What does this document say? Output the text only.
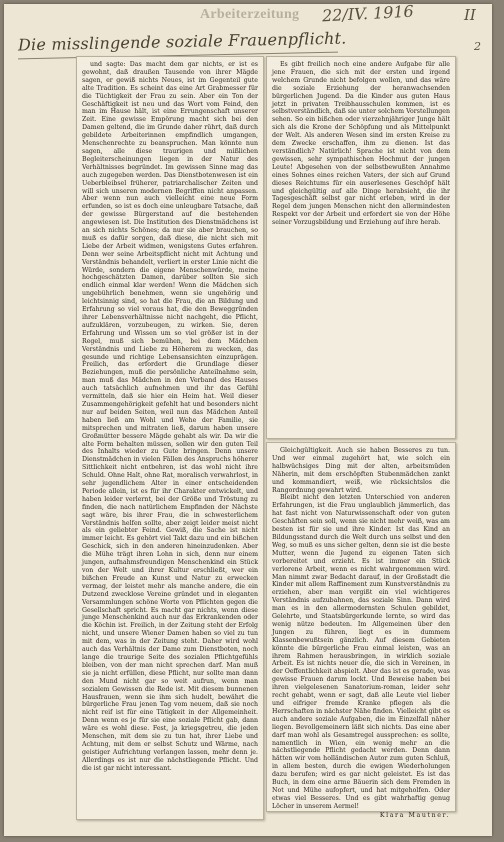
Arbeiterzeitung 22/IV. 1916	II
Die misslingende soziale Frauenpflicht.	2

und sagte: Das macht dem gar nichts, er ist es gewohnt, daß draußen Tausende von ihrer Mägde sagen, er gewiß nichts Neues, ist im Gegenteil gute alte Tradition. Es scheint das eine Art Grabmesser für die Tüchtigkeit der Frau zu sein. Aber ein Ton der Geschäftigkeit ist neu und das Wort vom Feind, den man im Hause hält, ist eine Errungenschaft unserer Zeit. Eine gewisse Empörung macht sich bei den Damen geltend, die im Grunde daher rührt, daß durch gebildete Arbeiterinnen empfindlich umgangen, Menschenrechte zu beanspruchen. Man könnte nun sagen, alle diese traurigen und mißlichen Begleiterscheinungen liegen in der Natur des Verhältnisses begründet. Im gewissen Sinne mag das auch zugegeben werden. Das Dienstbotenwesen ist ein Ueberbleibsel früherer, patriarchalischer Zeiten und will sich unseren modernen Begriffen nicht anpassen. Aber wenn nun auch vielleicht eine neue Form erfunden, so ist es doch eine unleugbare Tatsache, daß der gewisse Bürgerstand auf die bestehenden angewiesen ist. Die Institution des Dienstmädchens ist an sich nichts Schönes; da nur sie aber brauchen, so muß es dafür sorgen, daß diese, die nicht sich mit Liebe der Arbeit widmen, wenigstens Gutes erfahren. Denn wer seine Arbeitspflicht nicht mit Achtung und Verständnis behandelt, verliert in erster Linie nicht die Würde, sondern die eigene Menschenwürde, meine hochgeschätzten Damen, darüber sollten Sie sich endlich einmal klar werden! Wenn die Mädchen sich ungebührlich benehmen, wenn sie ungehörig und leichtsinnig sind, so hat die Frau, die an Bildung und Erfahrung so viel voraus hat, die den Beweggründen ihrer Lebensverhältnisse nicht nachgeht, die Pflicht, aufzuklären, vorzubeugen, zu wirken. Sie, deren Erfahrung und Wissen um so viel größer ist in der Regel, muß sich bemühen, bei dem Mädchen Verständnis und Liebe zu Höherem zu wecken, das gesunde und richtige Lebensansichten einzuprägen. Freilich, das erfordert die Grundlage dieser Beziehungen, muß die persönliche Anteilnahme sein, man muß das Mädchen in den Verband des Hauses auch tatsächlich aufnehmen und ihr das Gefühl vermitteln, daß sie hier ein Heim hat. Weil dieser Zusammengehörigkeit gefehlt hat und besonders nicht nur auf beiden Seiten, weil nun das Mädchen Anteil haben ließ am Wohl und Wehe der Familie, sie mitsprechen und mitraten ließ, darum haben unsere Großmütter bessere Mägde gehabt als wir. Da wir die alte Form behalten müssen, sollen wir den guten Teil des Inhalts wieder zu Gute bringen. Denn unsere Dienstmädchen in vielen Fällen des Anspruchs höherer Sittlichkeit nicht entbehren, ist das wohl nicht ihre Schuld. Ohne Halt, ohne Rat, moralisch verwahrlost, in sehr jugendlichem Alter in einer entscheidenden Periode allein, ist es für ihr Charakter entwickelt, und haben leider verlernt, bei der Größe und Tröstung zu finden, die nach natürlichem Empfinden der Nächste sagt wäre, bis ihrer Frau, die in schwesterlichem Verständnis helfen sollte, aber zeigt leider meist nicht als ein geliebter Feind. Gewiß, die Sache ist nicht immer leicht. Es gehört viel Takt dazu und ein bißchen Geschick, sich in den anderen hineinzudenken. Aber die Mühe trägt ihren Lohn in sich, denn nur einem jungen, aufnahmsfreundigen Menschenkind ein Stück von der Welt und ihrer Kultur erschließt, wer ein bißchen Freude an Kunst und Natur zu erwecken vermag, der leistet mehr als manche andere, die ein Dutzend zwecklose Vereine gründet und in eleganten Versammlungen schöne Worte von Pflichten gegen die Gesellschaft spricht. Es macht gar nichts, wenn diese junge Menschenkind auch nur das Erkrankenden oder die Köchin ist. Freilich, in der Zeitung steht der Erfolg nicht, und unsere Wiener Damen haben so viel zu tun mit dem, was in der Zeitung steht. Daher wird wohl auch das Verhältnis der Dame zum Dienstboten, noch lange die traurige Seite des sozialen Pflichtgefühls bleiben, von der man nicht sprechen darf. Man muß sie ja nicht erfüllen, diese Pflicht, nur sollte man dann den Mund nicht gar so weit aufrun, wenn man sozialem Gewissen die Rede ist. Mit diesem bunnenen Hausfrauen, wenn sie ihm sich hudelt, bewährt die bürgerliche Frau jenen Tag vom neuem, daß sie noch nicht reif ist für eine Tätigkeit in der Allgemeinheit. Denn wenn es je für sie eine soziale Pflicht gab, dann wäre es wohl diese. Fest, ja kriegsgetreu, die jeden Menschen, mit dem sie zu tun hat, ihrer Liebe und Achtung, mit dem er selbst Schutz und Wärme, nach geistiger Aufrichtung verlangen lassen, mehr denn je. Allerdings es ist nur die nächstliegende Pflicht. Und die ist gar nicht interessant.

Es gibt freilich noch eine andere Aufgabe für alle jene Frauen, die sich mit der ersten und irgend welchem Grunde nicht befolgen wollen, und das wäre die soziale Erziehung der heranwachsenden bürgerlichen Jugend. Da die Kinder aus guten Haus jetzt in privaten Treibhausschulen kommen, ist es selbstverständlich, daß sie unter solchem Vorstellungen sehen. So ein bißchen oder vierzehnjähriger Junge hält sich als die Krone der Schöpfung und als Mittelpunkt der Welt. Als anderen Wesen sind im ersten Kreise zu dem Zwecke erschaffen, ihm zu dienen. Ist das verständlich? Natürlich! Sprache ist nicht von dem gewissen, sehr sympathischen Hochmut der jungen Leute! Abgesehen von der selbstbewußten Annahme eines Sohnes eines reichen Vaters, der sich auf Grund dieses Reichtums für ein auserlesenes Geschöpf hält und gleichgültig auf alle Dinge herabsieht, die ihr Tagesgeschäft selbst gar nicht erleben, wird in der Regel dem jungen Menschen nicht den allermindesten Respekt vor der Arbeit und erfordert sie von der Höhe seiner Vorzugsbildung und Erziehung auf ihre herab.

Gleichgültigkeit. Auch sie haben Besseres zu tun. Und wer einmal zugehört hat, wie solch ein halbwüchsiges Ding mit der alten, arbeitsmüden Näherin, mit dem erschöpften Stubenmädchen zankt und kommandiert, weiß, wie rücksichtslos die Rangordnung gewahrt wird.

Bleibt nicht den letzten Unterschied von anderen Erfahrungen, ist die Frau unglaublich jämmerlich, das hat fast nicht von Naturwissenschaft oder von guten Geschäften sein soll, wenn sie nicht mehr weiß, was am besten ist für sie und ihre Kinder. Ist das Kind an Bildungsstand durch die Welt durch uns selbst und den Weg, so muß es uns sicher gelten, denn sie ist die beste Mutter, wenn die Jugend zu eigenen Taten sich vorbereitet und erzieht. Es ist immer ein Stück verlorene Arbeit, wenn es nicht wahrgenommen wird. Man nimmt zwar Bedacht darauf, in der Großstadt die Kinder mit allem Raffinement zum Kunstverständnis zu erziehen, aber man vergißt ein viel wichtigeres Verständnis aufzubahnen, das soziale Sinn. Dann wird man es in den allermodernsten Schulen gebildet, Gelehrte, und Staatsbürgerkunde lernte, so wird das wenig nütze bedeuten. Im Allgemeinen über den Jungen zu führen, liegt es in dummem Klassenbewußtsein gänzlich. Auf diesem Gebieten könnte die bürgerliche Frau einmal leisten, was an ihrem Rahmen herausbringen, in wirklich soziale Arbeit. Es ist nichts neuer die, die sich in Vereinen, in der Oeffentlichkeit abspielt. Aber das ist es gerade, was gewisse Frauen darum lockt. Und Beweise haben bei ihren vielgelesenen Sanatorium-roman, leider sehr recht gehabt, wenn er sagt, daß alle Leute viel lieber und eifriger fremde Kranke pflegen als die Herrschaften in nächster Nähe finden. Vielleicht gibt es auch andere soziale Aufgaben, die im Einzelfall näher liegen. Bevollgemeinern läßt sich nichts. Das eine aber darf man wohl als Gesamtregel aussprechen: es sollte, namentlich in Wien, ein wenig mehr an die nächstliegende Pflicht gedacht werden. Denn dann hätten wir vom holländischen Autor zum guten Schluß, in allem besten, durch die ewigen Wiederholungen dazu berufen; wird es gar nicht geleistet. Es ist das Buch, in dem eine arme Bäuerin sich dem Fremden in Not und Mühe aufopfert, und hat mitgeholfen. Oder etwas viel Besseres. Und es gibt wahrhaftig genug Löcher in unserem Aermel!

Klara Mautner.
